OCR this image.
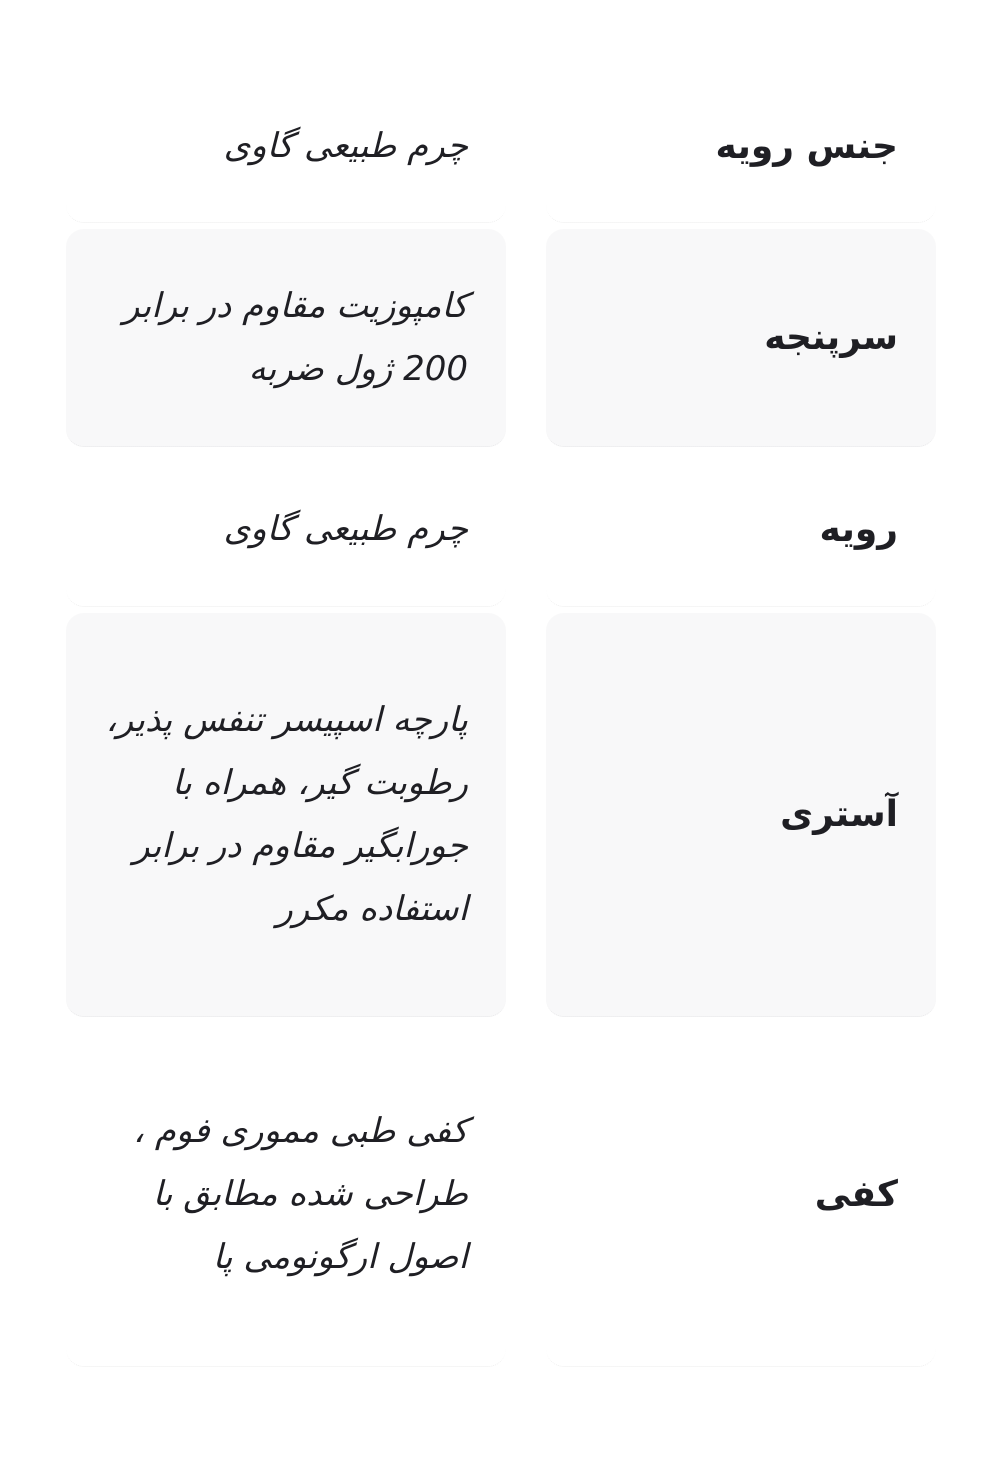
جنس رویه
چرم طبیعی گاوی
سرپنجه
کامپوزیت مقاوم در برابر 200 ژول ضربه
رویه
چرم طبیعی گاوی
آستری
پارچه اسپیسر تنفس پذیر، رطوبت گیر، همراه با جورابگیر مقاوم در برابر استفاده مکرر
کفی
کفی طبی مموری فوم ، طراحی شده مطابق با اصول ارگونومی پا
